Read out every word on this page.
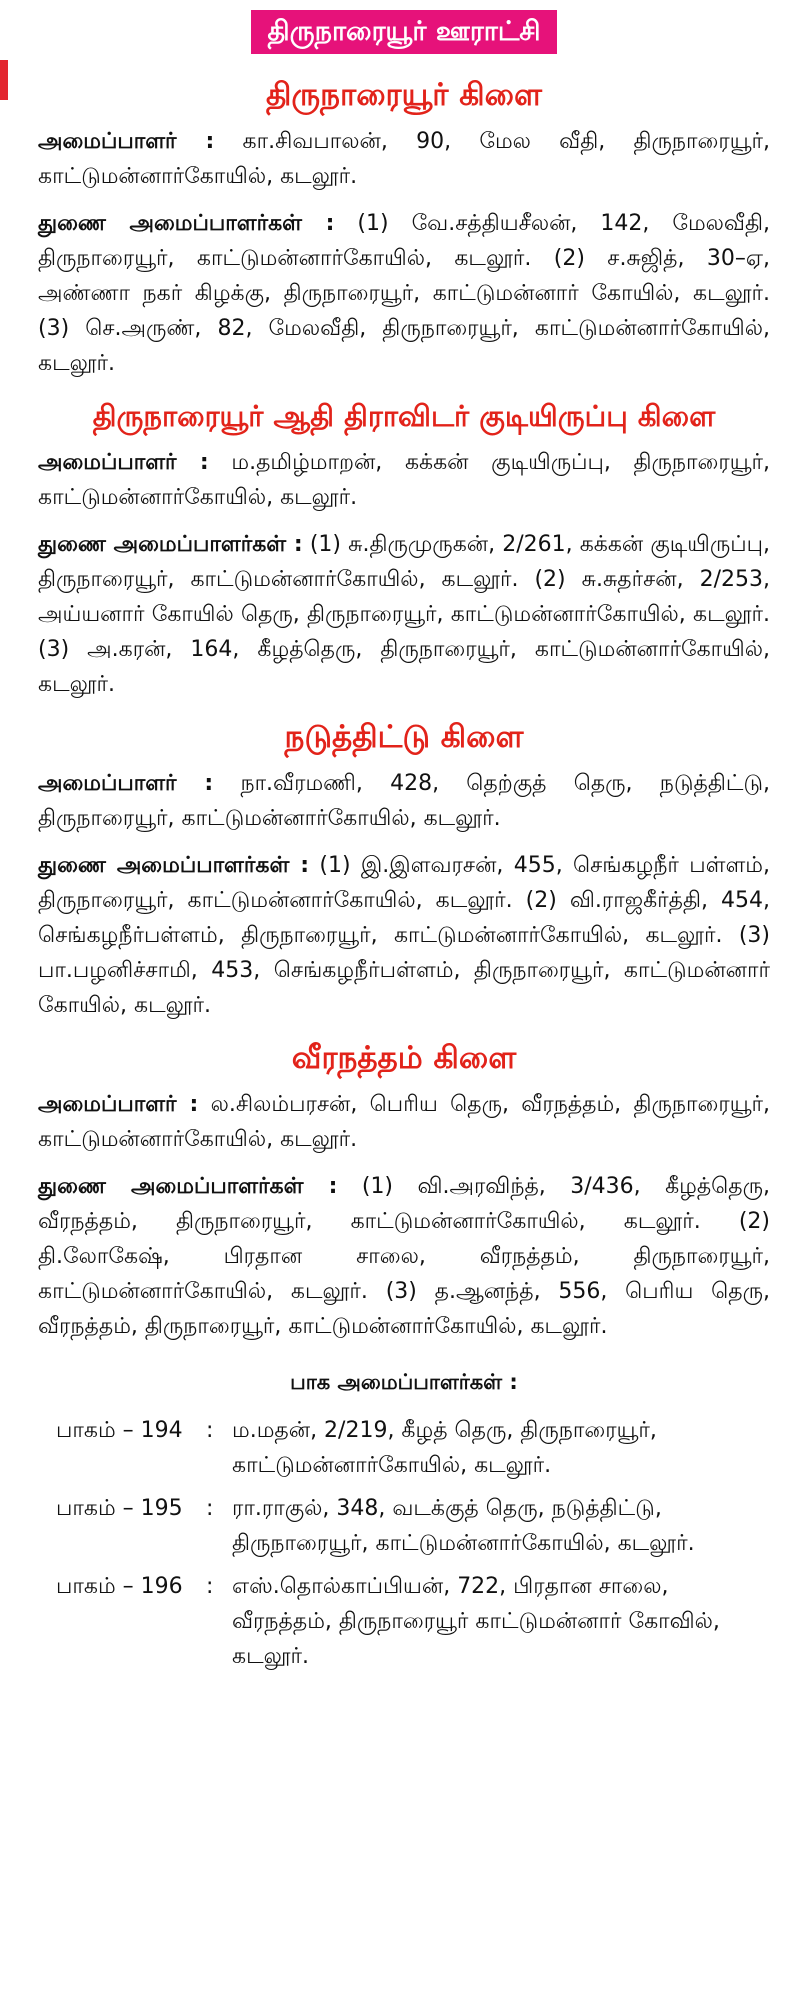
திருநாரையூர் ஊராட்சி
திருநாரையூர் கிளை

அமைப்பாளர் : கா.சிவபாலன், 90, மேல வீதி, திருநாரையூர், காட்டுமன்னார்கோயில், கடலூர்.

துணை அமைப்பாளர்கள் : (1) வே.சத்தியசீலன், 142, மேலவீதி, திருநாரையூர், காட்டுமன்னார்கோயில், கடலூர். (2) ச.சுஜித், 30–ஏ, அண்ணா நகர் கிழக்கு, திருநாரையூர், காட்டுமன்னார் கோயில், கடலூர். (3) செ.அருண், 82, மேலவீதி, திருநாரையூர், காட்டுமன்னார்கோயில், கடலூர்.

திருநாரையூர் ஆதி திராவிடர் குடியிருப்பு கிளை

அமைப்பாளர் : ம.தமிழ்மாறன், கக்கன் குடியிருப்பு, திருநாரையூர், காட்டுமன்னார்கோயில், கடலூர்.

துணை அமைப்பாளர்கள் : (1) சு.திருமுருகன், 2/261, கக்கன் குடியிருப்பு, திருநாரையூர், காட்டுமன்னார்கோயில், கடலூர். (2) சு.சுதர்சன், 2/253, அய்யனார் கோயில் தெரு, திருநாரையூர், காட்டுமன்னார்கோயில், கடலூர். (3) அ.கரன், 164, கீழத்தெரு, திருநாரையூர், காட்டுமன்னார்கோயில், கடலூர்.

நடுத்திட்டு கிளை

அமைப்பாளர் : நா.வீரமணி, 428, தெற்குத் தெரு, நடுத்திட்டு, திருநாரையூர், காட்டுமன்னார்கோயில், கடலூர்.

துணை அமைப்பாளர்கள் : (1) இ.இளவரசன், 455, செங்கழநீர் பள்ளம், திருநாரையூர், காட்டுமன்னார்கோயில், கடலூர். (2) வி.ராஜகீர்த்தி, 454, செங்கழநீர்பள்ளம், திருநாரையூர், காட்டுமன்னார்கோயில், கடலூர். (3) பா.பழனிச்சாமி, 453, செங்கழநீர்பள்ளம், திருநாரையூர், காட்டுமன்னார் கோயில், கடலூர்.

வீரநத்தம் கிளை

அமைப்பாளர் : ல.சிலம்பரசன், பெரிய தெரு, வீரநத்தம், திருநாரையூர், காட்டுமன்னார்கோயில், கடலூர்.

துணை அமைப்பாளர்கள் : (1) வி.அரவிந்த், 3/436, கீழத்தெரு, வீரநத்தம், திருநாரையூர், காட்டுமன்னார்கோயில், கடலூர். (2) தி.லோகேஷ், பிரதான சாலை, வீரநத்தம், திருநாரையூர், காட்டுமன்னார்கோயில், கடலூர். (3) த.ஆனந்த், 556, பெரிய தெரு, வீரநத்தம், திருநாரையூர், காட்டுமன்னார்கோயில், கடலூர்.

பாக அமைப்பாளர்கள் :
பாகம் – 194	: ம.மதன், 2/219, கீழத் தெரு, திருநாரையூர், காட்டுமன்னார்கோயில், கடலூர்.
பாகம் – 195	: ரா.ராகுல், 348, வடக்குத் தெரு, நடுத்திட்டு, திருநாரையூர், காட்டுமன்னார்கோயில், கடலூர்.
பாகம் – 196	: எஸ்.தொல்காப்பியன், 722, பிரதான சாலை, வீரநத்தம், திருநாரையூர் காட்டுமன்னார் கோவில், கடலூர்.
